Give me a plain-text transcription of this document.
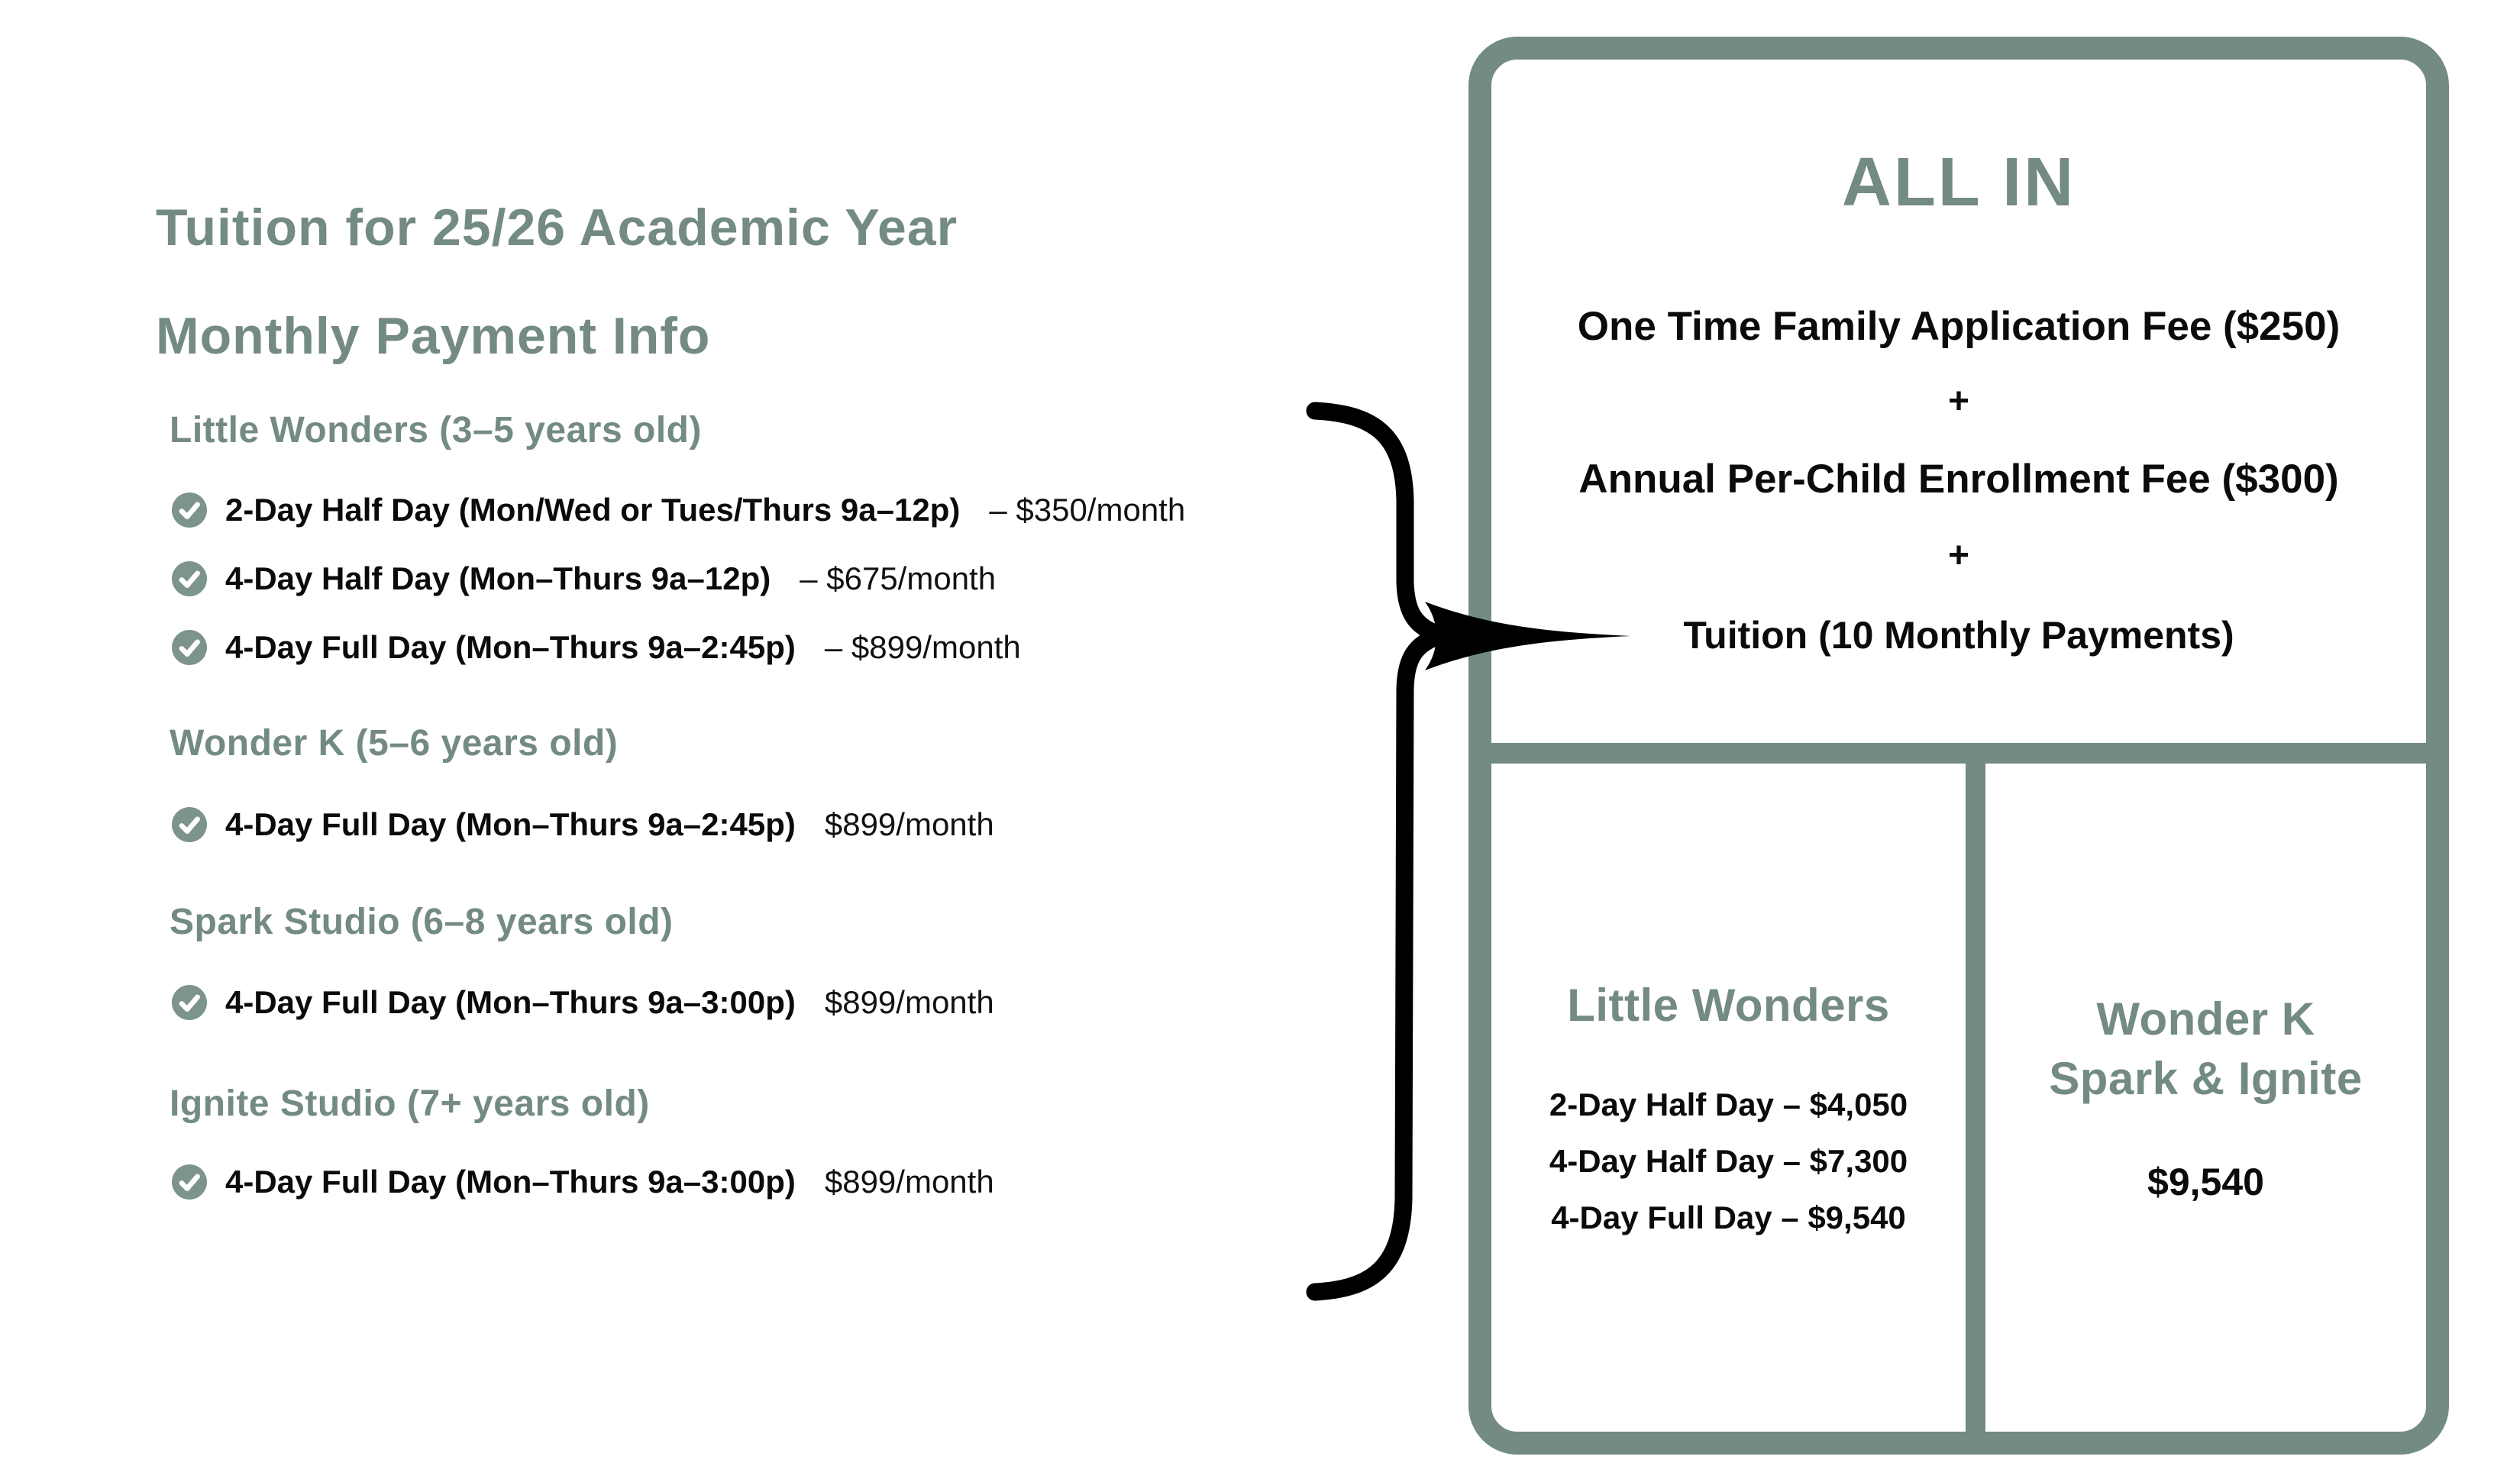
Tuition for 25/26 Academic Year
Monthly Payment Info
Little Wonders (3–5 years old)
2-Day Half Day (Mon/Wed or Tues/Thurs 9a–12p) – $350/month
4-Day Half Day (Mon–Thurs 9a–12p) – $675/month
4-Day Full Day (Mon–Thurs 9a–2:45p) – $899/month
Wonder K (5–6 years old)
4-Day Full Day (Mon–Thurs 9a–2:45p) $899/month
Spark Studio (6–8 years old)
4-Day Full Day (Mon–Thurs 9a–3:00p) $899/month
Ignite Studio (7+ years old)
4-Day Full Day (Mon–Thurs 9a–3:00p) $899/month
ALL IN
One Time Family Application Fee ($250)
+
Annual Per-Child Enrollment Fee ($300)
+
Tuition (10 Monthly Payments)
Little Wonders
2-Day Half Day – $4,050
4-Day Half Day – $7,300
4-Day Full Day – $9,540
Wonder K
Spark & Ignite
$9,540
